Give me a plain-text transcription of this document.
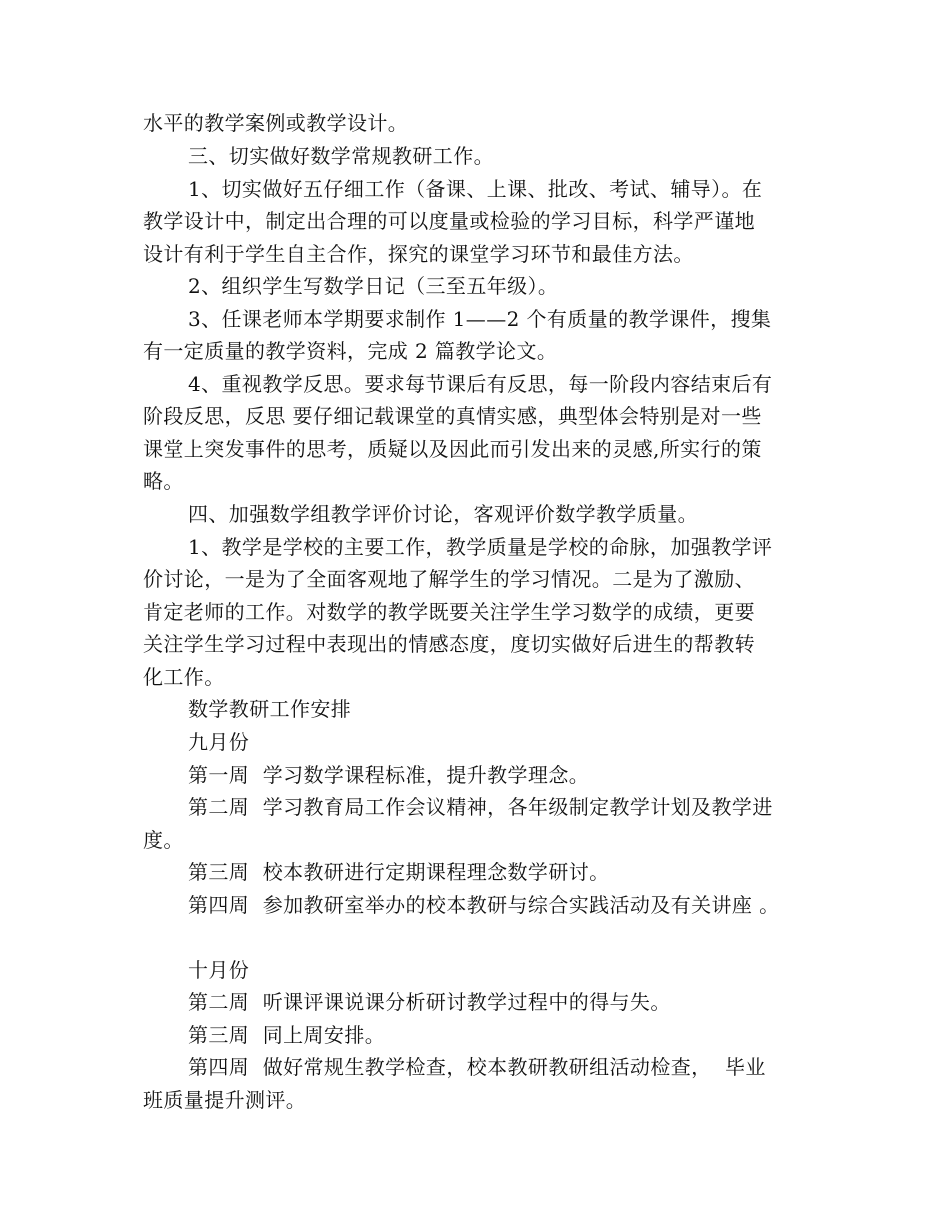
水平的教学案例或教学设计。
三、切实做好数学常规教研工作。
1、切实做好五仔细工作（备课、上课、批改、考试、辅导）。在
教学设计中，制定出合理的可以度量或检验的学习目标，科学严谨地
设计有利于学生自主合作，探究的课堂学习环节和最佳方法。
2、组织学生写数学日记（三至五年级）。
3、任课老师本学期要求制作 1——2 个有质量的教学课件，搜集
有一定质量的教学资料，完成 2 篇教学论文。
4、重视教学反思。要求每节课后有反思，每一阶段内容结束后有
阶段反思，反思 要仔细记载课堂的真情实感，典型体会特别是对一些
课堂上突发事件的思考，质疑以及因此而引发出来的灵感,所实行的策
略。
四、加强数学组教学评价讨论，客观评价数学教学质量。
1、教学是学校的主要工作，教学质量是学校的命脉，加强教学评
价讨论，一是为了全面客观地了解学生的学习情况。二是为了激励、
肯定老师的工作。对数学的教学既要关注学生学习数学的成绩，更要
关注学生学习过程中表现出的情感态度，度切实做好后进生的帮教转
化工作。
数学教研工作安排
九月份
第一周  学习数学课程标准，提升教学理念。
第二周  学习教育局工作会议精神，各年级制定教学计划及教学进
度。
第三周  校本教研进行定期课程理念数学研讨。
第四周  参加教研室举办的校本教研与综合实践活动及有关讲座 。
十月份
第二周  听课评课说课分析研讨教学过程中的得与失。
第三周  同上周安排。
第四周  做好常规生教学检查，校本教研教研组活动检查，  毕业
班质量提升测评。
